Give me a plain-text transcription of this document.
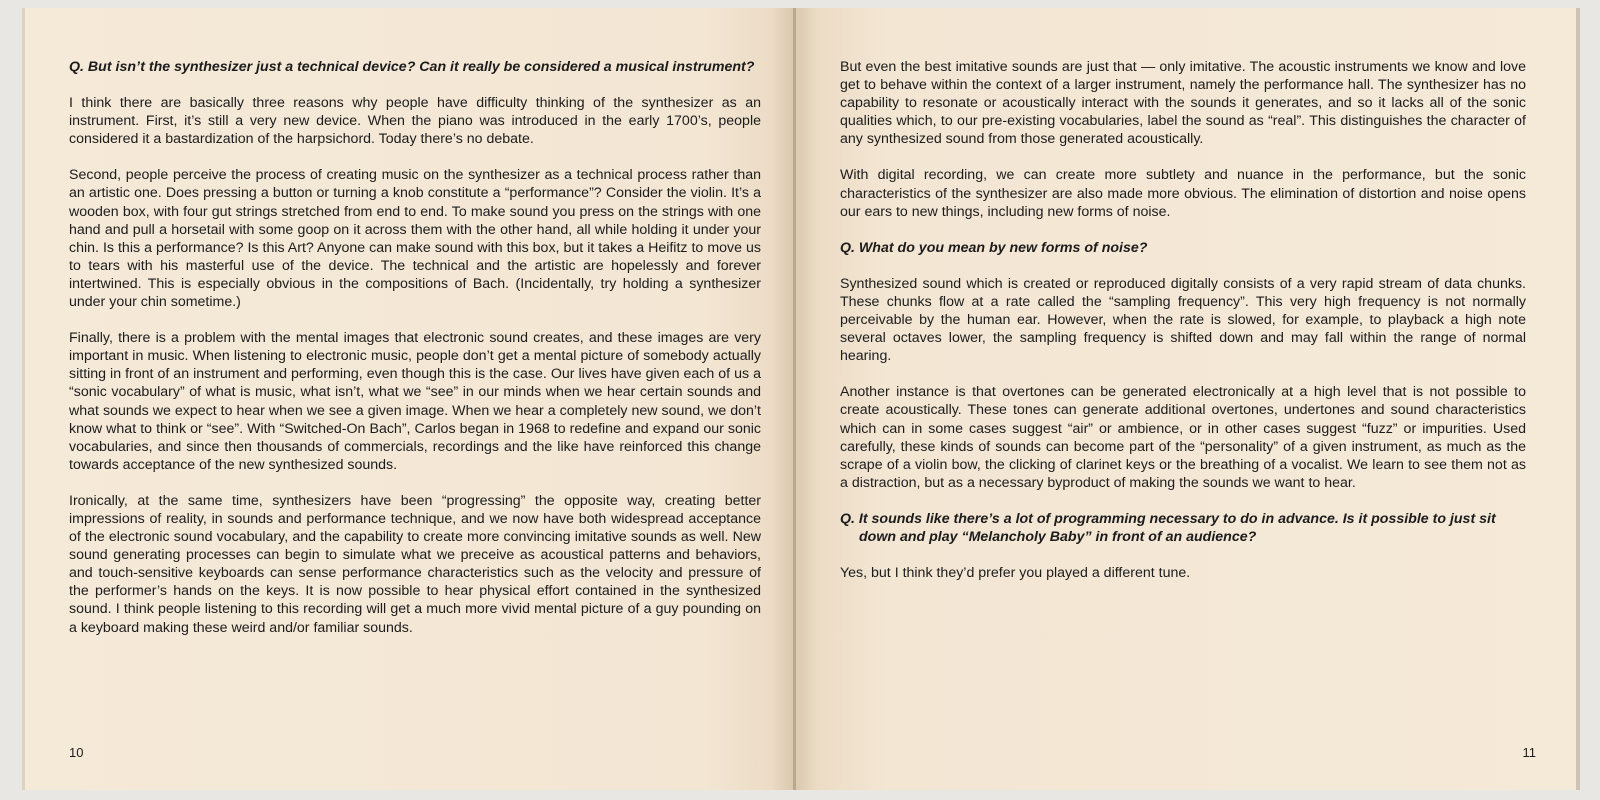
Q. But isn’t the synthesizer just a technical device? Can it really be considered a musical instrument?

I think there are basically three reasons why people have difficulty thinking of the synthesizer as an instrument. First, it’s still a very new device. When the piano was introduced in the early 1700’s, people considered it a bastardization of the harpsichord. Today there’s no debate.

Second, people perceive the process of creating music on the synthesizer as a technical process rather than an artistic one. Does pressing a button or turning a knob constitute a “performance”? Consider the violin. It’s a wooden box, with four gut strings stretched from end to end. To make sound you press on the strings with one hand and pull a horsetail with some goop on it across them with the other hand, all while holding it under your chin. Is this a performance? Is this Art? Anyone can make sound with this box, but it takes a Heifitz to move us to tears with his masterful use of the device. The technical and the artistic are hopelessly and forever intertwined. This is especially obvious in the compositions of Bach. (Incidentally, try holding a synthesizer under your chin sometime.)

Finally, there is a problem with the mental images that electronic sound creates, and these images are very important in music. When listening to electronic music, people don’t get a mental picture of somebody actually sitting in front of an instrument and performing, even though this is the case. Our lives have given each of us a “sonic vocabulary” of what is music, what isn’t, what we “see” in our minds when we hear certain sounds and what sounds we expect to hear when we see a given image. When we hear a completely new sound, we don’t know what to think or “see”. With “Switched-On Bach”, Carlos began in 1968 to redefine and expand our sonic vocabularies, and since then thousands of commercials, recordings and the like have reinforced this change towards acceptance of the new synthesized sounds.

Ironically, at the same time, synthesizers have been “progressing” the opposite way, creating better impressions of reality, in sounds and performance technique, and we now have both widespread acceptance of the electronic sound vocabulary, and the capability to create more convincing imitative sounds as well. New sound generating processes can begin to simulate what we preceive as acoustical patterns and behaviors, and touch-sensitive keyboards can sense performance characteristics such as the velocity and pressure of the performer’s hands on the keys. It is now possible to hear physical effort contained in the synthesized sound. I think people listening to this recording will get a much more vivid mental picture of a guy pounding on a keyboard making these weird and/or familiar sounds.

10

But even the best imitative sounds are just that — only imitative. The acoustic instruments we know and love get to behave within the context of a larger instrument, namely the performance hall. The synthesizer has no capability to resonate or acoustically interact with the sounds it generates, and so it lacks all of the sonic qualities which, to our pre-existing vocabularies, label the sound as “real”. This distinguishes the character of any synthesized sound from those generated acoustically.

With digital recording, we can create more subtlety and nuance in the performance, but the sonic characteristics of the synthesizer are also made more obvious. The elimination of distortion and noise opens our ears to new things, including new forms of noise.

Q. What do you mean by new forms of noise?

Synthesized sound which is created or reproduced digitally consists of a very rapid stream of data chunks. These chunks flow at a rate called the “sampling frequency”. This very high frequency is not normally perceivable by the human ear. However, when the rate is slowed, for example, to playback a high note several octaves lower, the sampling frequency is shifted down and may fall within the range of normal hearing.

Another instance is that overtones can be generated electronically at a high level that is not possible to create acoustically. These tones can generate additional overtones, undertones and sound characteristics which can in some cases suggest “air” or ambience, or in other cases suggest “fuzz” or impurities. Used carefully, these kinds of sounds can become part of the “personality” of a given instrument, as much as the scrape of a violin bow, the clicking of clarinet keys or the breathing of a vocalist. We learn to see them not as a distraction, but as a necessary byproduct of making the sounds we want to hear.

Q. It sounds like there’s a lot of programming necessary to do in advance. Is it possible to just sit down and play “Melancholy Baby” in front of an audience?

Yes, but I think they’d prefer you played a different tune.

11
